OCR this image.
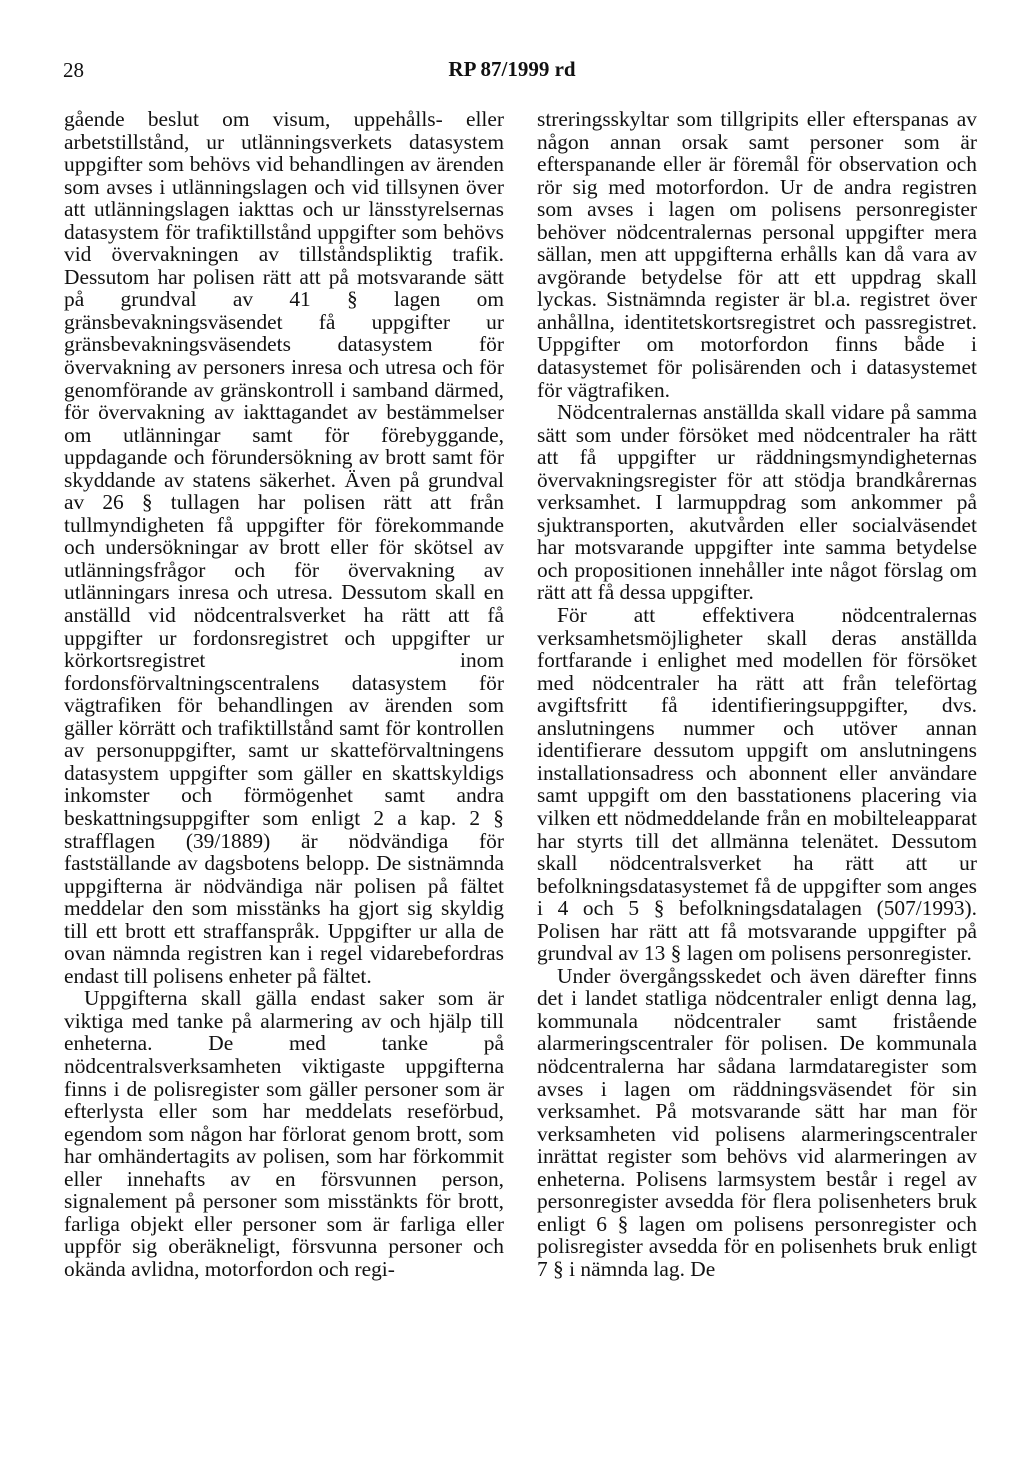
28	RP 87/1999 rd

gående beslut om visum, uppehålls- eller arbetstillstånd, ur utlänningsverkets datasystem uppgifter som behövs vid behandlingen av ärenden som avses i utlänningslagen och vid tillsynen över att utlänningslagen iakttas och ur länsstyrelsernas datasystem för trafiktillstånd uppgifter som behövs vid övervakningen av tillståndspliktig trafik. Dessutom har polisen rätt att på motsvarande sätt på grundval av 41 § lagen om gränsbevakningsväsendet få uppgifter ur gränsbevakningsväsendets datasystem för övervakning av personers inresa och utresa och för genomförande av gränskontroll i samband därmed, för övervakning av iakttagandet av bestämmelser om utlänningar samt för förebyggande, uppdagande och förundersökning av brott samt för skyddande av statens säkerhet. Även på grundval av 26 § tullagen har polisen rätt att från tullmyndigheten få uppgifter för förekommande och undersökningar av brott eller för skötsel av utlänningsfrågor och för övervakning av utlänningars inresa och utresa. Dessutom skall en anställd vid nödcentralsverket ha rätt att få uppgifter ur fordonsregistret och uppgifter ur körkortsregistret inom fordonsförvaltningscentralens datasystem för vägtrafiken för behandlingen av ärenden som gäller körrätt och trafiktillstånd samt för kontrollen av personuppgifter, samt ur skatteförvaltningens datasystem uppgifter som gäller en skattskyldigs inkomster och förmögenhet samt andra beskattningsuppgifter som enligt 2 a kap. 2 § strafflagen (39/1889) är nödvändiga för fastställande av dagsbotens belopp. De sistnämnda uppgifterna är nödvändiga när polisen på fältet meddelar den som misstänks ha gjort sig skyldig till ett brott ett straffanspråk. Uppgifter ur alla de ovan nämnda registren kan i regel vidarebefordras endast till polisens enheter på fältet.

Uppgifterna skall gälla endast saker som är viktiga med tanke på alarmering av och hjälp till enheterna. De med tanke på nödcentralsverksamheten viktigaste uppgifterna finns i de polisregister som gäller personer som är efterlysta eller som har meddelats reseförbud, egendom som någon har förlorat genom brott, som har omhändertagits av polisen, som har förkommit eller innehafts av en försvunnen person, signalement på personer som misstänkts för brott, farliga objekt eller personer som är farliga eller uppför sig oberäkneligt, försvunna personer och okända avlidna, motorfordon och regi-

streringsskyltar som tillgripits eller efterspanas av någon annan orsak samt personer som är efterspanande eller är föremål för observation och rör sig med motorfordon. Ur de andra registren som avses i lagen om polisens personregister behöver nödcentralernas personal uppgifter mera sällan, men att uppgifterna erhålls kan då vara av avgörande betydelse för att ett uppdrag skall lyckas. Sistnämnda register är bl.a. registret över anhållna, identitetskortsregistret och passregistret. Uppgifter om motorfordon finns både i datasystemet för polisärenden och i datasystemet för vägtrafiken.

Nödcentralernas anställda skall vidare på samma sätt som under försöket med nödcentraler ha rätt att få uppgifter ur räddningsmyndigheternas övervakningsregister för att stödja brandkårernas verksamhet. I larmuppdrag som ankommer på sjuktransporten, akutvården eller socialväsendet har motsvarande uppgifter inte samma betydelse och propositionen innehåller inte något förslag om rätt att få dessa uppgifter.

För att effektivera nödcentralernas verksamhetsmöjligheter skall deras anställda fortfarande i enlighet med modellen för försöket med nödcentraler ha rätt att från teleförtag avgiftsfritt få identifieringsuppgifter, dvs. anslutningens nummer och utöver annan identifierare dessutom uppgift om anslutningens installationsadress och abonnent eller användare samt uppgift om den basstationens placering via vilken ett nödmeddelande från en mobilteleapparat har styrts till det allmänna telenätet. Dessutom skall nödcentralsverket ha rätt att ur befolkningsdatasystemet få de uppgifter som anges i 4 och 5 § befolkningsdatalagen (507/1993). Polisen har rätt att få motsvarande uppgifter på grundval av 13 § lagen om polisens personregister.

Under övergångsskedet och även därefter finns det i landet statliga nödcentraler enligt denna lag, kommunala nödcentraler samt fristående alarmeringscentraler för polisen. De kommunala nödcentralerna har sådana larmdataregister som avses i lagen om räddningsväsendet för sin verksamhet. På motsvarande sätt har man för verksamheten vid polisens alarmeringscentraler inrättat register som behövs vid alarmeringen av enheterna. Polisens larmsystem består i regel av personregister avsedda för flera polisenheters bruk enligt 6 § lagen om polisens personregister och polisregister avsedda för en polisenhets bruk enligt 7 § i nämnda lag. De
